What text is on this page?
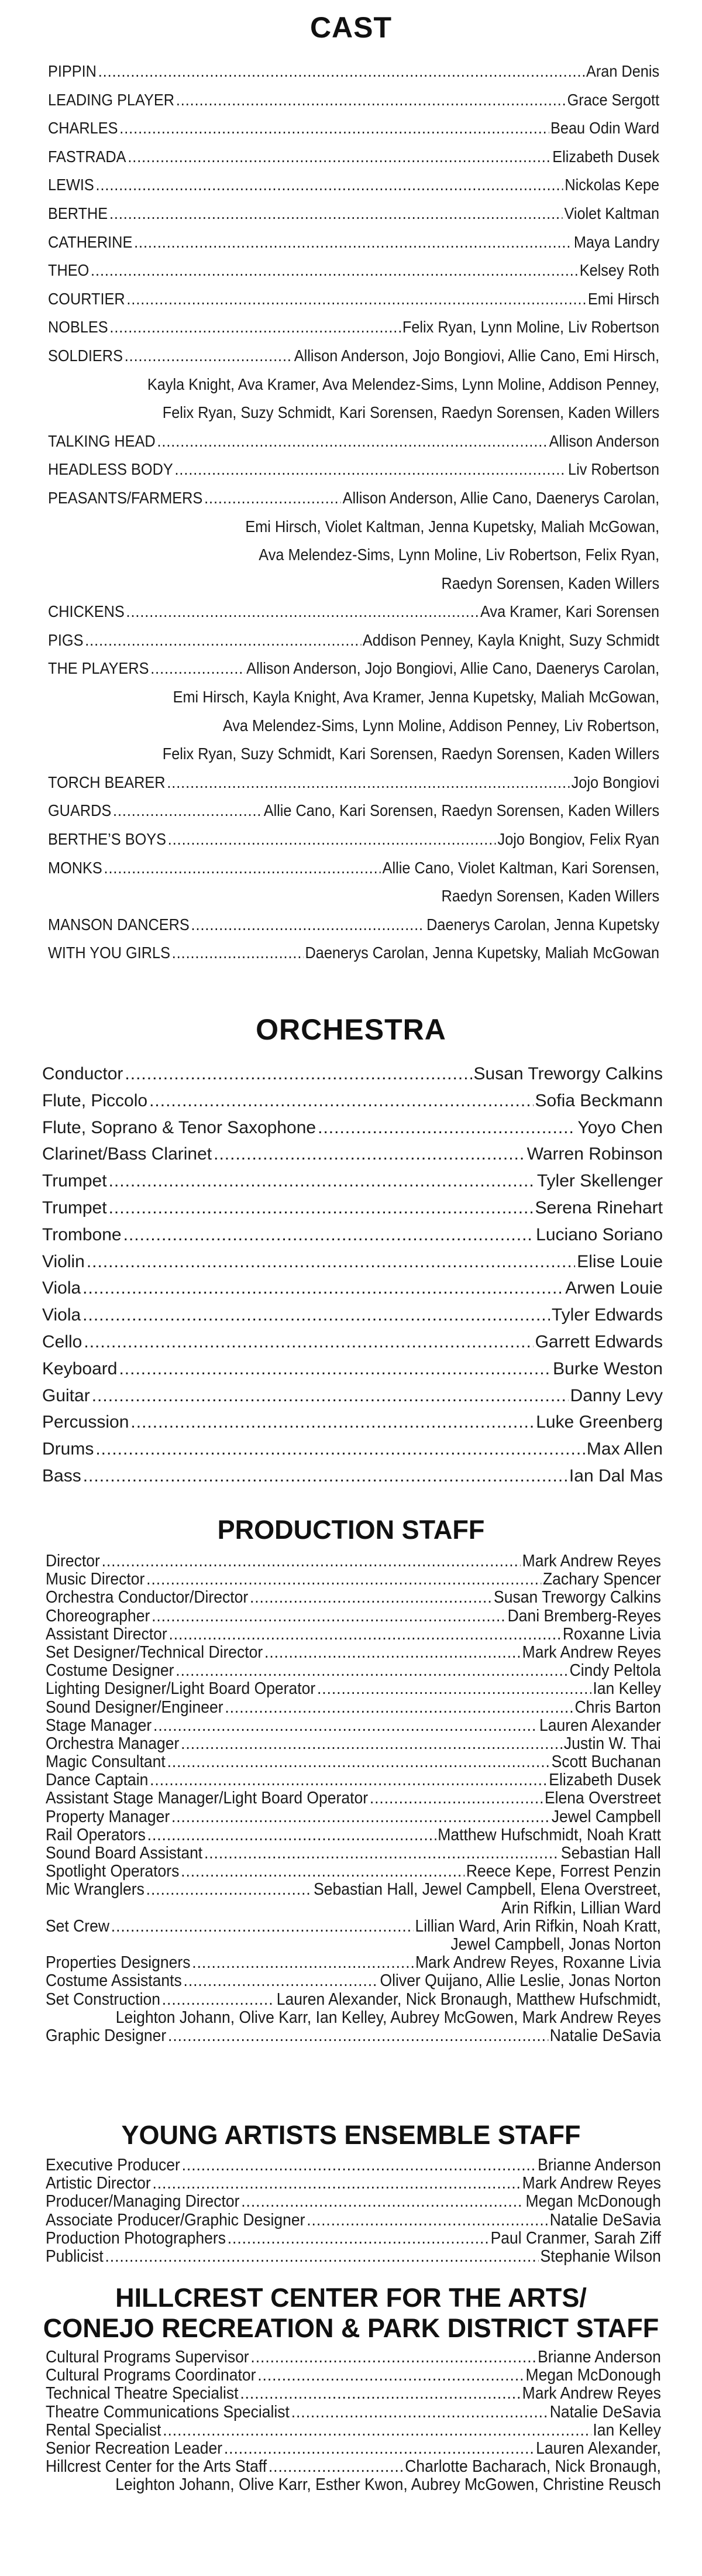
CAST
PIPPIN .....	Aran Denis
LEADING PLAYER .....	Grace Sergott
CHARLES .....	Beau Odin Ward
FASTRADA .....	Elizabeth Dusek
LEWIS .....	Nickolas Kepe
BERTHE .....	Violet Kaltman
CATHERINE .....	Maya Landry
THEO .....	Kelsey Roth
COURTIER .....	Emi Hirsch
NOBLES .....	Felix Ryan, Lynn Moline, Liv Robertson
SOLDIERS .....	Allison Anderson, Jojo Bongiovi, Allie Cano, Emi Hirsch,
Kayla Knight, Ava Kramer, Ava Melendez-Sims, Lynn Moline, Addison Penney,
Felix Ryan, Suzy Schmidt, Kari Sorensen, Raedyn Sorensen, Kaden Willers
TALKING HEAD .....	Allison Anderson
HEADLESS BODY .....	Liv Robertson
PEASANTS/FARMERS .....	Allison Anderson, Allie Cano, Daenerys Carolan,
Emi Hirsch, Violet Kaltman, Jenna Kupetsky, Maliah McGowan,
Ava Melendez-Sims, Lynn Moline, Liv Robertson, Felix Ryan,
Raedyn Sorensen, Kaden Willers
CHICKENS .....	Ava Kramer, Kari Sorensen
PIGS .....	Addison Penney, Kayla Knight, Suzy Schmidt
THE PLAYERS .....	Allison Anderson, Jojo Bongiovi, Allie Cano, Daenerys Carolan,
Emi Hirsch, Kayla Knight, Ava Kramer, Jenna Kupetsky, Maliah McGowan,
Ava Melendez-Sims, Lynn Moline, Addison Penney, Liv Robertson,
Felix Ryan, Suzy Schmidt, Kari Sorensen, Raedyn Sorensen, Kaden Willers
TORCH BEARER .....	Jojo Bongiovi
GUARDS .....	Allie Cano, Kari Sorensen, Raedyn Sorensen, Kaden Willers
BERTHE’S BOYS .....	Jojo Bongiov, Felix Ryan
MONKS .....	Allie Cano, Violet Kaltman, Kari Sorensen,
Raedyn Sorensen, Kaden Willers
MANSON DANCERS .....	Daenerys Carolan, Jenna Kupetsky
WITH YOU GIRLS .....	Daenerys Carolan, Jenna Kupetsky, Maliah McGowan
ORCHESTRA
Conductor .....	Susan Treworgy Calkins
Flute, Piccolo .....	Sofia Beckmann
Flute, Soprano & Tenor Saxophone .....	Yoyo Chen
Clarinet/Bass Clarinet .....	Warren Robinson
Trumpet .....	Tyler Skellenger
Trumpet .....	Serena Rinehart
Trombone .....	Luciano Soriano
Violin .....	Elise Louie
Viola .....	Arwen Louie
Viola .....	Tyler Edwards
Cello .....	Garrett Edwards
Keyboard .....	Burke Weston
Guitar .....	Danny Levy
Percussion .....	Luke Greenberg
Drums .....	Max Allen
Bass .....	Ian Dal Mas
PRODUCTION STAFF
Director .....	Mark Andrew Reyes
Music Director .....	Zachary Spencer
Orchestra Conductor/Director .....	Susan Treworgy Calkins
Choreographer .....	Dani Bremberg-Reyes
Assistant Director .....	Roxanne Livia
Set Designer/Technical Director .....	Mark Andrew Reyes
Costume Designer .....	Cindy Peltola
Lighting Designer/Light Board Operator .....	Ian Kelley
Sound Designer/Engineer .....	Chris Barton
Stage Manager .....	Lauren Alexander
Orchestra Manager .....	Justin W. Thai
Magic Consultant .....	Scott Buchanan
Dance Captain .....	Elizabeth Dusek
Assistant Stage Manager/Light Board Operator .....	Elena Overstreet
Property Manager .....	Jewel Campbell
Rail Operators .....	Matthew Hufschmidt, Noah Kratt
Sound Board Assistant .....	Sebastian Hall
Spotlight Operators .....	Reece Kepe, Forrest Penzin
Mic Wranglers .....	Sebastian Hall, Jewel Campbell, Elena Overstreet,
Arin Rifkin, Lillian Ward
Set Crew .....	Lillian Ward, Arin Rifkin, Noah Kratt,
Jewel Campbell, Jonas Norton
Properties Designers .....	Mark Andrew Reyes, Roxanne Livia
Costume Assistants .....	Oliver Quijano, Allie Leslie, Jonas Norton
Set Construction .....	Lauren Alexander, Nick Bronaugh, Matthew Hufschmidt,
Leighton Johann, Olive Karr, Ian Kelley, Aubrey McGowen, Mark Andrew Reyes
Graphic Designer .....	Natalie DeSavia
YOUNG ARTISTS ENSEMBLE STAFF
Executive Producer .....	Brianne Anderson
Artistic Director .....	Mark Andrew Reyes
Producer/Managing Director .....	Megan McDonough
Associate Producer/Graphic Designer .....	Natalie DeSavia
Production Photographers .....	Paul Cranmer, Sarah Ziff
Publicist .....	Stephanie Wilson
HILLCREST CENTER FOR THE ARTS/
CONEJO RECREATION & PARK DISTRICT STAFF
Cultural Programs Supervisor .....	Brianne Anderson
Cultural Programs Coordinator .....	Megan McDonough
Technical Theatre Specialist .....	Mark Andrew Reyes
Theatre Communications Specialist .....	Natalie DeSavia
Rental Specialist .....	Ian Kelley
Senior Recreation Leader .....	Lauren Alexander,
Hillcrest Center for the Arts Staff .....	Charlotte Bacharach, Nick Bronaugh,
Leighton Johann, Olive Karr, Esther Kwon, Aubrey McGowen, Christine Reusch
